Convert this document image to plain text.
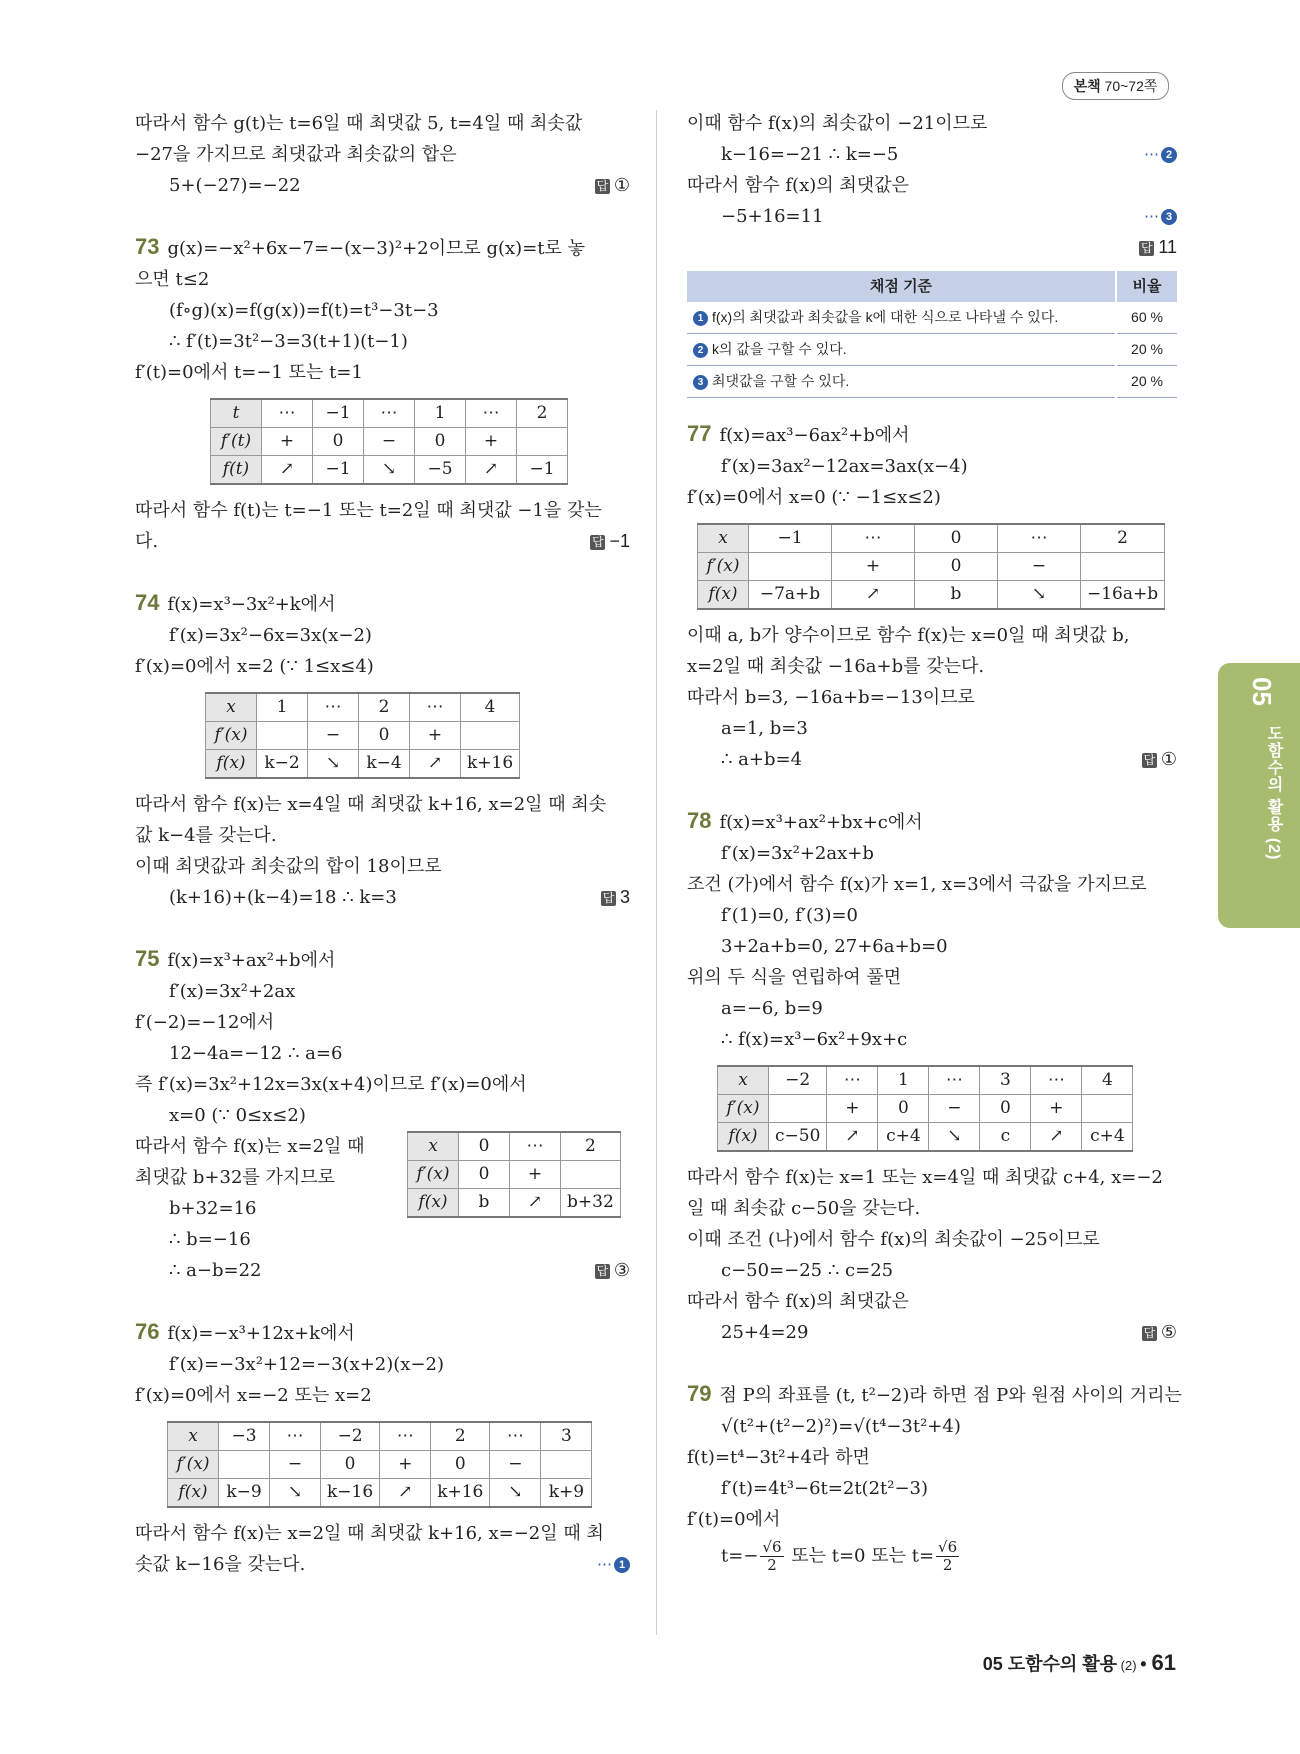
본책 70~72쪽
따라서 함수 g(t)는 t=6일 때 최댓값 5, t=4일 때 최솟값
−27을 가지므로 최댓값과 최솟값의 합은
5+(−27)=−22	답 ①
73 g(x)=−x²+6x−7=−(x−3)²+2이므로 g(x)=t로 놓
으면 t≤2
(f∘g)(x)=f(g(x))=f(t)=t³−3t−3
∴ f′(t)=3t²−3=3(t+1)(t−1)
f′(t)=0에서 t=−1 또는 t=1
t	⋯	−1	⋯	1	⋯	2
f′(t)	+	0	−	0	+	
f(t)	↗	−1	↘	−5	↗	−1
따라서 함수 f(t)는 t=−1 또는 t=2일 때 최댓값 −1을 갖는
다.	답 −1
74 f(x)=x³−3x²+k에서
f′(x)=3x²−6x=3x(x−2)
f′(x)=0에서 x=2 (∵ 1≤x≤4)
x	1	⋯	2	⋯	4
f′(x)		−	0	+	
f(x)	k−2	↘	k−4	↗	k+16
따라서 함수 f(x)는 x=4일 때 최댓값 k+16, x=2일 때 최솟
값 k−4를 갖는다.
이때 최댓값과 최솟값의 합이 18이므로
(k+16)+(k−4)=18 ∴ k=3	답 3
75 f(x)=x³+ax²+b에서
f′(x)=3x²+2ax
f′(−2)=−12에서
12−4a=−12 ∴ a=6
즉 f′(x)=3x²+12x=3x(x+4)이므로 f′(x)=0에서
x=0 (∵ 0≤x≤2)
따라서 함수 f(x)는 x=2일 때
최댓값 b+32를 가지므로
b+32=16
∴ b=−16
x	0	⋯	2
f′(x)	0	+	
f(x)	b	↗	b+32
∴ a−b=22	답 ③
76 f(x)=−x³+12x+k에서
f′(x)=−3x²+12=−3(x+2)(x−2)
f′(x)=0에서 x=−2 또는 x=2
x	−3	⋯	−2	⋯	2	⋯	3
f′(x)		−	0	+	0	−	
f(x)	k−9	↘	k−16	↗	k+16	↘	k+9
따라서 함수 f(x)는 x=2일 때 최댓값 k+16, x=−2일 때 최
솟값 k−16을 갖는다.	⋯ 1
이때 함수 f(x)의 최솟값이 −21이므로
k−16=−21 ∴ k=−5	⋯ 2
따라서 함수 f(x)의 최댓값은
−5+16=11	⋯ 3
답 11
채점 기준	비율
1 f(x)의 최댓값과 최솟값을 k에 대한 식으로 나타낼 수 있다.	60 %
2 k의 값을 구할 수 있다.	20 %
3 최댓값을 구할 수 있다.	20 %
77 f(x)=ax³−6ax²+b에서
f′(x)=3ax²−12ax=3ax(x−4)
f′(x)=0에서 x=0 (∵ −1≤x≤2)
x	−1	⋯	0	⋯	2
f′(x)		+	0	−	
f(x)	−7a+b	↗	b	↘	−16a+b
이때 a, b가 양수이므로 함수 f(x)는 x=0일 때 최댓값 b,
x=2일 때 최솟값 −16a+b를 갖는다.
따라서 b=3, −16a+b=−13이므로
a=1, b=3
∴ a+b=4	답 ①
78 f(x)=x³+ax²+bx+c에서
f′(x)=3x²+2ax+b
조건 (가)에서 함수 f(x)가 x=1, x=3에서 극값을 가지므로
f′(1)=0, f′(3)=0
3+2a+b=0, 27+6a+b=0
위의 두 식을 연립하여 풀면
a=−6, b=9
∴ f(x)=x³−6x²+9x+c
x	−2	⋯	1	⋯	3	⋯	4
f′(x)		+	0	−	0	+	
f(x)	c−50	↗	c+4	↘	c	↗	c+4
따라서 함수 f(x)는 x=1 또는 x=4일 때 최댓값 c+4, x=−2
일 때 최솟값 c−50을 갖는다.
이때 조건 (나)에서 함수 f(x)의 최솟값이 −25이므로
c−50=−25 ∴ c=25
따라서 함수 f(x)의 최댓값은
25+4=29	답 ⑤
79 점 P의 좌표를 (t, t²−2)라 하면 점 P와 원점 사이의 거리는
√(t²+(t²−2)²)=√(t⁴−3t²+4)
f(t)=t⁴−3t²+4라 하면
f′(t)=4t³−6t=2t(2t²−3)
f′(t)=0에서
$t=- \frac{√6}{2}$ 또는 t=0 또는 $t= \frac{√6}{2}$
05
도함수의 활용 (2)
05 도함수의 활용 (2) • 61
